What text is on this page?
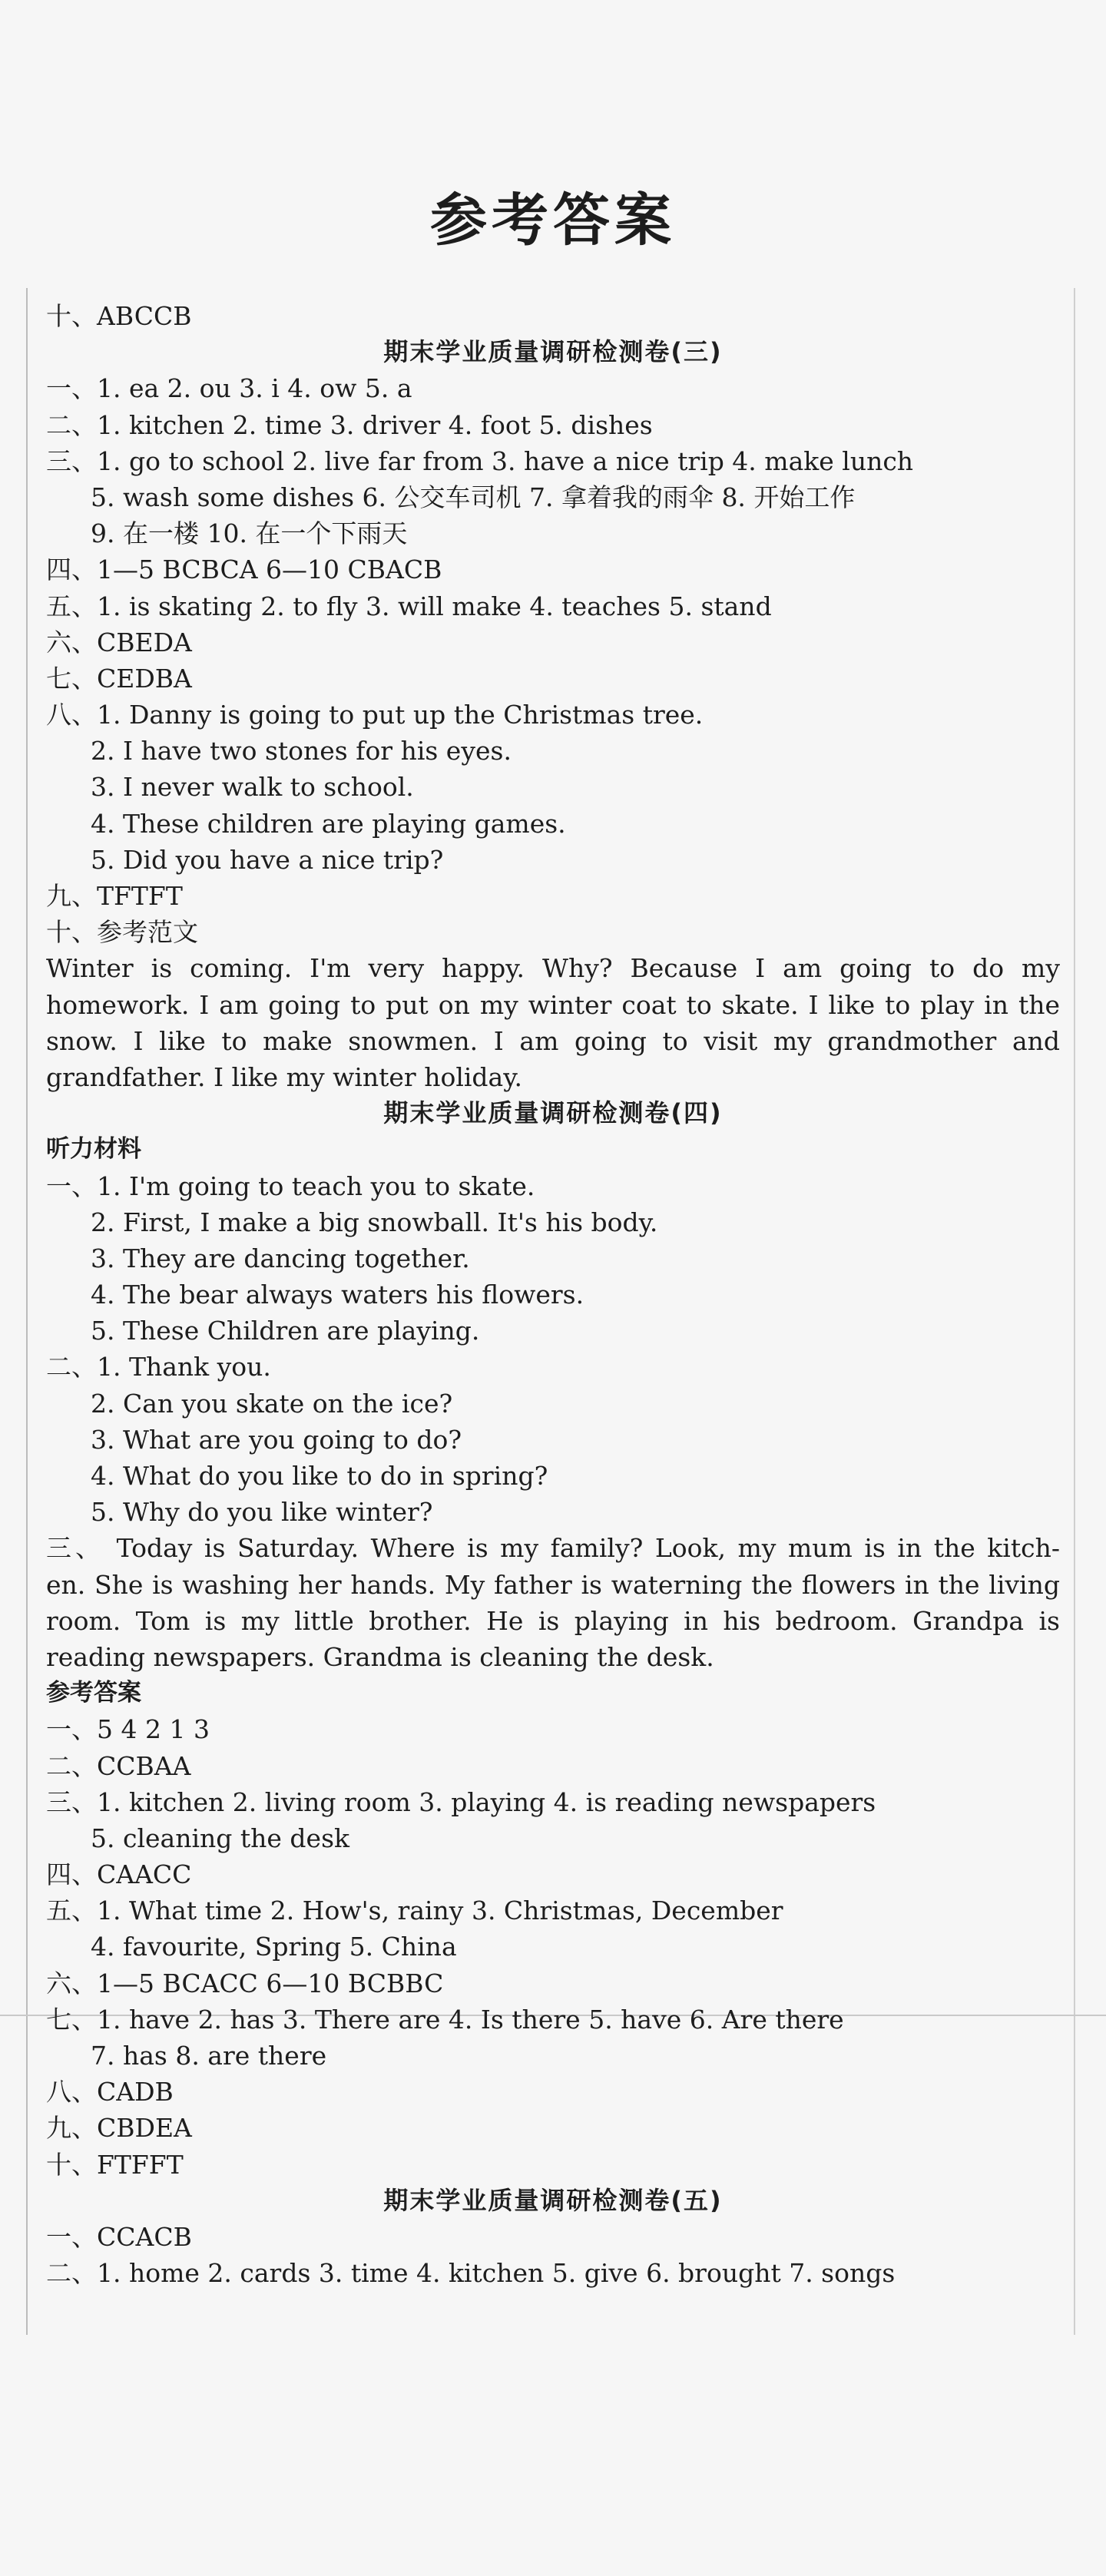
参考答案
十、ABCCB
期末学业质量调研检测卷(三)
一、1. ea 2. ou 3. i 4. ow 5. a
二、1. kitchen 2. time 3. driver 4. foot 5. dishes
三、1. go to school 2. live far from 3. have a nice trip 4. make lunch
5. wash some dishes 6. 公交车司机 7. 拿着我的雨伞 8. 开始工作
9. 在一楼 10. 在一个下雨天
四、1—5 BCBCA 6—10 CBACB
五、1. is skating 2. to fly 3. will make 4. teaches 5. stand
六、CBEDA
七、CEDBA
八、1. Danny is going to put up the Christmas tree.
2. I have two stones for his eyes.
3. I never walk to school.
4. These children are playing games.
5. Did you have a nice trip?
九、TFTFT
十、参考范文
Winter is coming. I'm very happy. Why? Because I am going to do my
homework. I am going to put on my winter coat to skate. I like to play in the
snow. I like to make snowmen. I am going to visit my grandmother and
grandfather. I like my winter holiday.
期末学业质量调研检测卷(四)
听力材料
一、1. I'm going to teach you to skate.
2. First, I make a big snowball. It's his body.
3. They are dancing together.
4. The bear always waters his flowers.
5. These Children are playing.
二、1. Thank you.
2. Can you skate on the ice?
3. What are you going to do?
4. What do you like to do in spring?
5. Why do you like winter?
三、 Today is Saturday. Where is my family? Look, my mum is in the kitch-
en. She is washing her hands. My father is waterning the flowers in the living
room. Tom is my little brother. He is playing in his bedroom. Grandpa is
reading newspapers. Grandma is cleaning the desk.
参考答案
一、5 4 2 1 3
二、CCBAA
三、1. kitchen 2. living room 3. playing 4. is reading newspapers
5. cleaning the desk
四、CAACC
五、1. What time 2. How's, rainy 3. Christmas, December
4. favourite, Spring 5. China
六、1—5 BCACC 6—10 BCBBC
七、1. have 2. has 3. There are 4. Is there 5. have 6. Are there
7. has 8. are there
八、CADB
九、CBDEA
十、FTFFT
期末学业质量调研检测卷(五)
一、CCACB
二、1. home 2. cards 3. time 4. kitchen 5. give 6. brought 7. songs
